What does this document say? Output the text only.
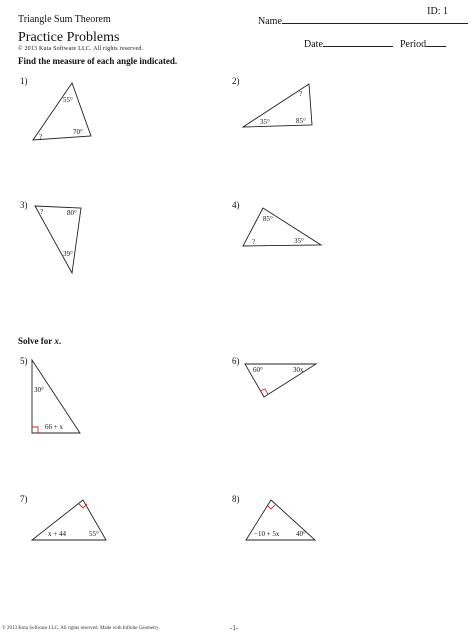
ID: 1
Triangle Sum Theorem	Name
Practice Problems
© 2013 Kuta Software LLC. All rights reserved.	Date	Period
Find the measure of each angle indicated.
1)	2)
3)	4)
Solve for x.
5)	6)
7)	8)
55°
?
70°
?
35°	85°
?	80°
39°
85°
?	35°
30°
66 + x
60°	30x
x + 44	55°	−10 + 5x 40°
© 2013 Kuta Software LLC. All rights reserved. Made with Infinite Geometry.	-1-
